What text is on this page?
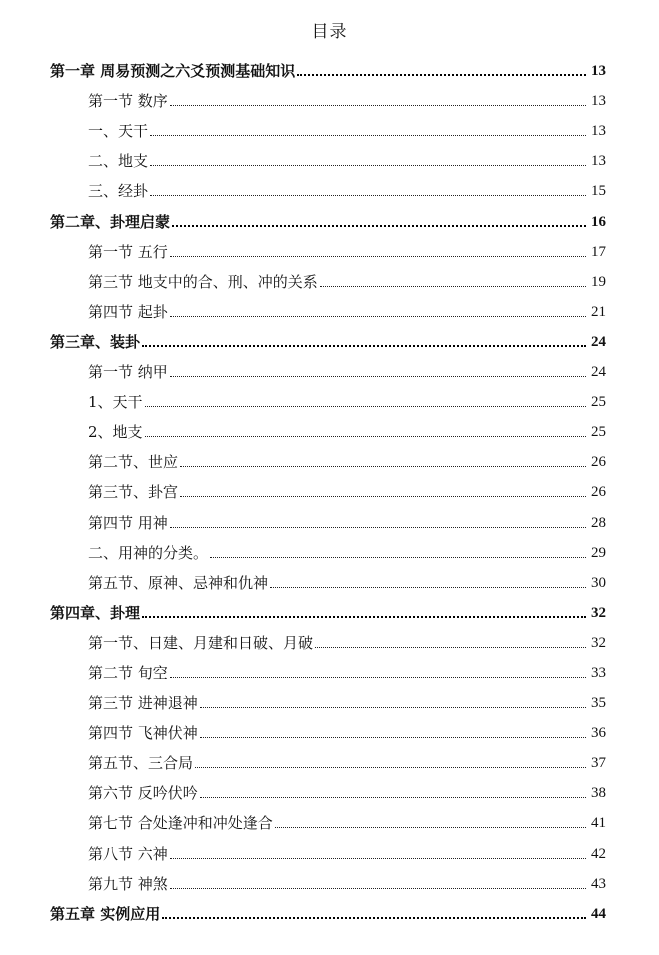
目录
第一章 周易预测之六爻预测基础知识	13
第一节 数序	13
一、天干	13
二、地支	13
三、经卦	15
第二章、卦理启蒙	16
第一节 五行	17
第三节 地支中的合、刑、冲的关系	19
第四节 起卦	21
第三章、装卦	24
第一节 纳甲	24
1、天干	25
2、地支	25
第二节、世应	26
第三节、卦宫	26
第四节 用神	28
二、用神的分类。	29
第五节、原神、忌神和仇神	30
第四章、卦理	32
第一节、日建、月建和日破、月破	32
第二节 旬空	33
第三节 进神退神	35
第四节 飞神伏神	36
第五节、三合局	37
第六节 反吟伏吟	38
第七节 合处逢冲和冲处逢合	41
第八节 六神	42
第九节 神煞	43
第五章 实例应用	44
